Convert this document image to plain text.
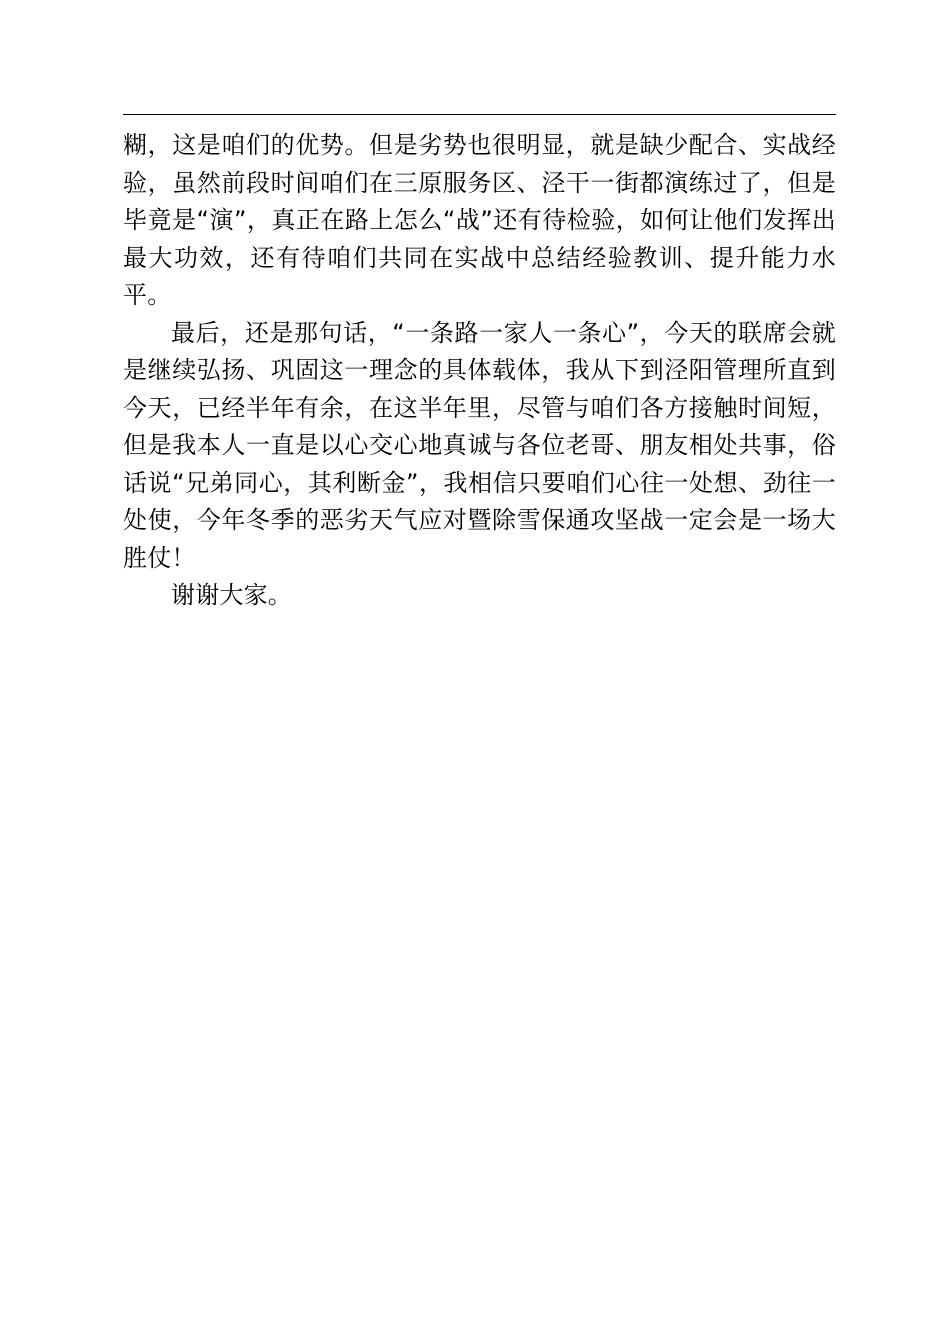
糊，这是咱们的优势。但是劣势也很明显，就是缺少配合、实战经验，虽然前段时间咱们在三原服务区、泾干一街都演练过了，但是毕竟是“演”，真正在路上怎么“战”还有待检验，如何让他们发挥出最大功效，还有待咱们共同在实战中总结经验教训、提升能力水平。

最后，还是那句话，“一条路一家人一条心”，今天的联席会就是继续弘扬、巩固这一理念的具体载体，我从下到泾阳管理所直到今天，已经半年有余，在这半年里，尽管与咱们各方接触时间短，但是我本人一直是以心交心地真诚与各位老哥、朋友相处共事，俗话说“兄弟同心，其利断金”，我相信只要咱们心往一处想、劲往一处使，今年冬季的恶劣天气应对暨除雪保通攻坚战一定会是一场大胜仗！

谢谢大家。
